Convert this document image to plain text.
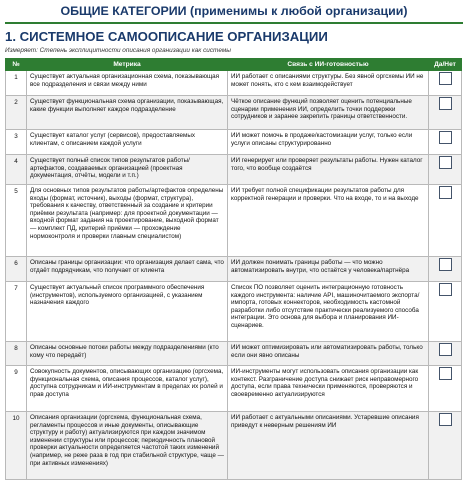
ОБЩИЕ КАТЕГОРИИ (применимы к любой организации)
1. СИСТЕМНОЕ САМООПИСАНИЕ ОРГАНИЗАЦИИ
Измеряет: Степень эксплицитности описания организации как системы
№	Метрика	Связь с ИИ-готовностью	Да/Нет
1	Существует актуальная организационная схема, показывающая все подразделения и связи между ними	ИИ работает с описаниями структуры. Без явной оргсхемы ИИ не может понять, кто с кем взаимодействует	
2	Существует функциональная схема организации, показывающая, какие функции выполняет каждое подразделение	Чёткое описание функций позволяет оценить потенциальные сценарии применения ИИ, определить точки поддержки сотрудников и заранее закрепить границы ответственности.	
3	Существует каталог услуг (сервисов), предоставляемых клиентам, с описанием каждой услуги	ИИ может помочь в продаже/кастомизации услуг, только если услуги описаны структурированно	
4	Существует полный список типов результатов работы/артефактов, создаваемых организацией (проектная документация, отчёты, модели и т.п.)	ИИ генерирует или проверяет результаты работы. Нужен каталог того, что вообще создаётся	
5	Для основных типов результатов работы/артефактов определены входы (формат, источник), выходы (формат, структура), требования к качеству, ответственный за создание и критерии приёмки результата (например: для проектной документации — входной формат задания на проектирование, выходной формат — комплект ПД, критерий приёмки — прохождение нормоконтроля и проверки главным специалистом)	ИИ требует полной спецификации результатов работы для корректной генерации и проверки. Что на входе, то и на выходе	
6	Описаны границы организации: что организация делает сама, что отдаёт подрядчикам, что получает от клиента	ИИ должен понимать границы работы — что можно автоматизировать внутри, что остаётся у человека/партнёра	
7	Существует актуальный список программного обеспечения (инструментов), используемого организацией, с указанием назначения каждого	Список ПО позволяет оценить интеграционную готовность каждого инструмента: наличие API, машиночитаемого экспорта/импорта, готовых коннекторов, необходимость кастомной разработки либо отсутствие практически реализуемого способа интеграции. Это основа для выбора и планирования ИИ-сценариев.	
8	Описаны основные потоки работы между подразделениями (кто кому что передаёт)	ИИ может оптимизировать или автоматизировать работы, только если они явно описаны	
9	Совокупность документов, описывающих организацию (оргсхема, функциональная схема, описания процессов, каталог услуг), доступна сотрудникам и ИИ-инструментам в пределах их ролей и прав доступа	ИИ-инструменты могут использовать описания организации как контекст. Разграничение доступа снижает риск неправомерного доступа, если права технически применяются, проверяются и своевременно актуализируются	
10	Описания организации (оргсхема, функциональная схема, регламенты процессов и иные документы, описывающие структуру и работу) актуализируются при каждом значимом изменении структуры или процессов; периодичность плановой проверки актуальности определяется частотой таких изменений (например, не реже раза в год при стабильной структуре, чаще — при активных изменениях)	ИИ работает с актуальными описаниями. Устаревшие описания приведут к неверным решениям ИИ	
